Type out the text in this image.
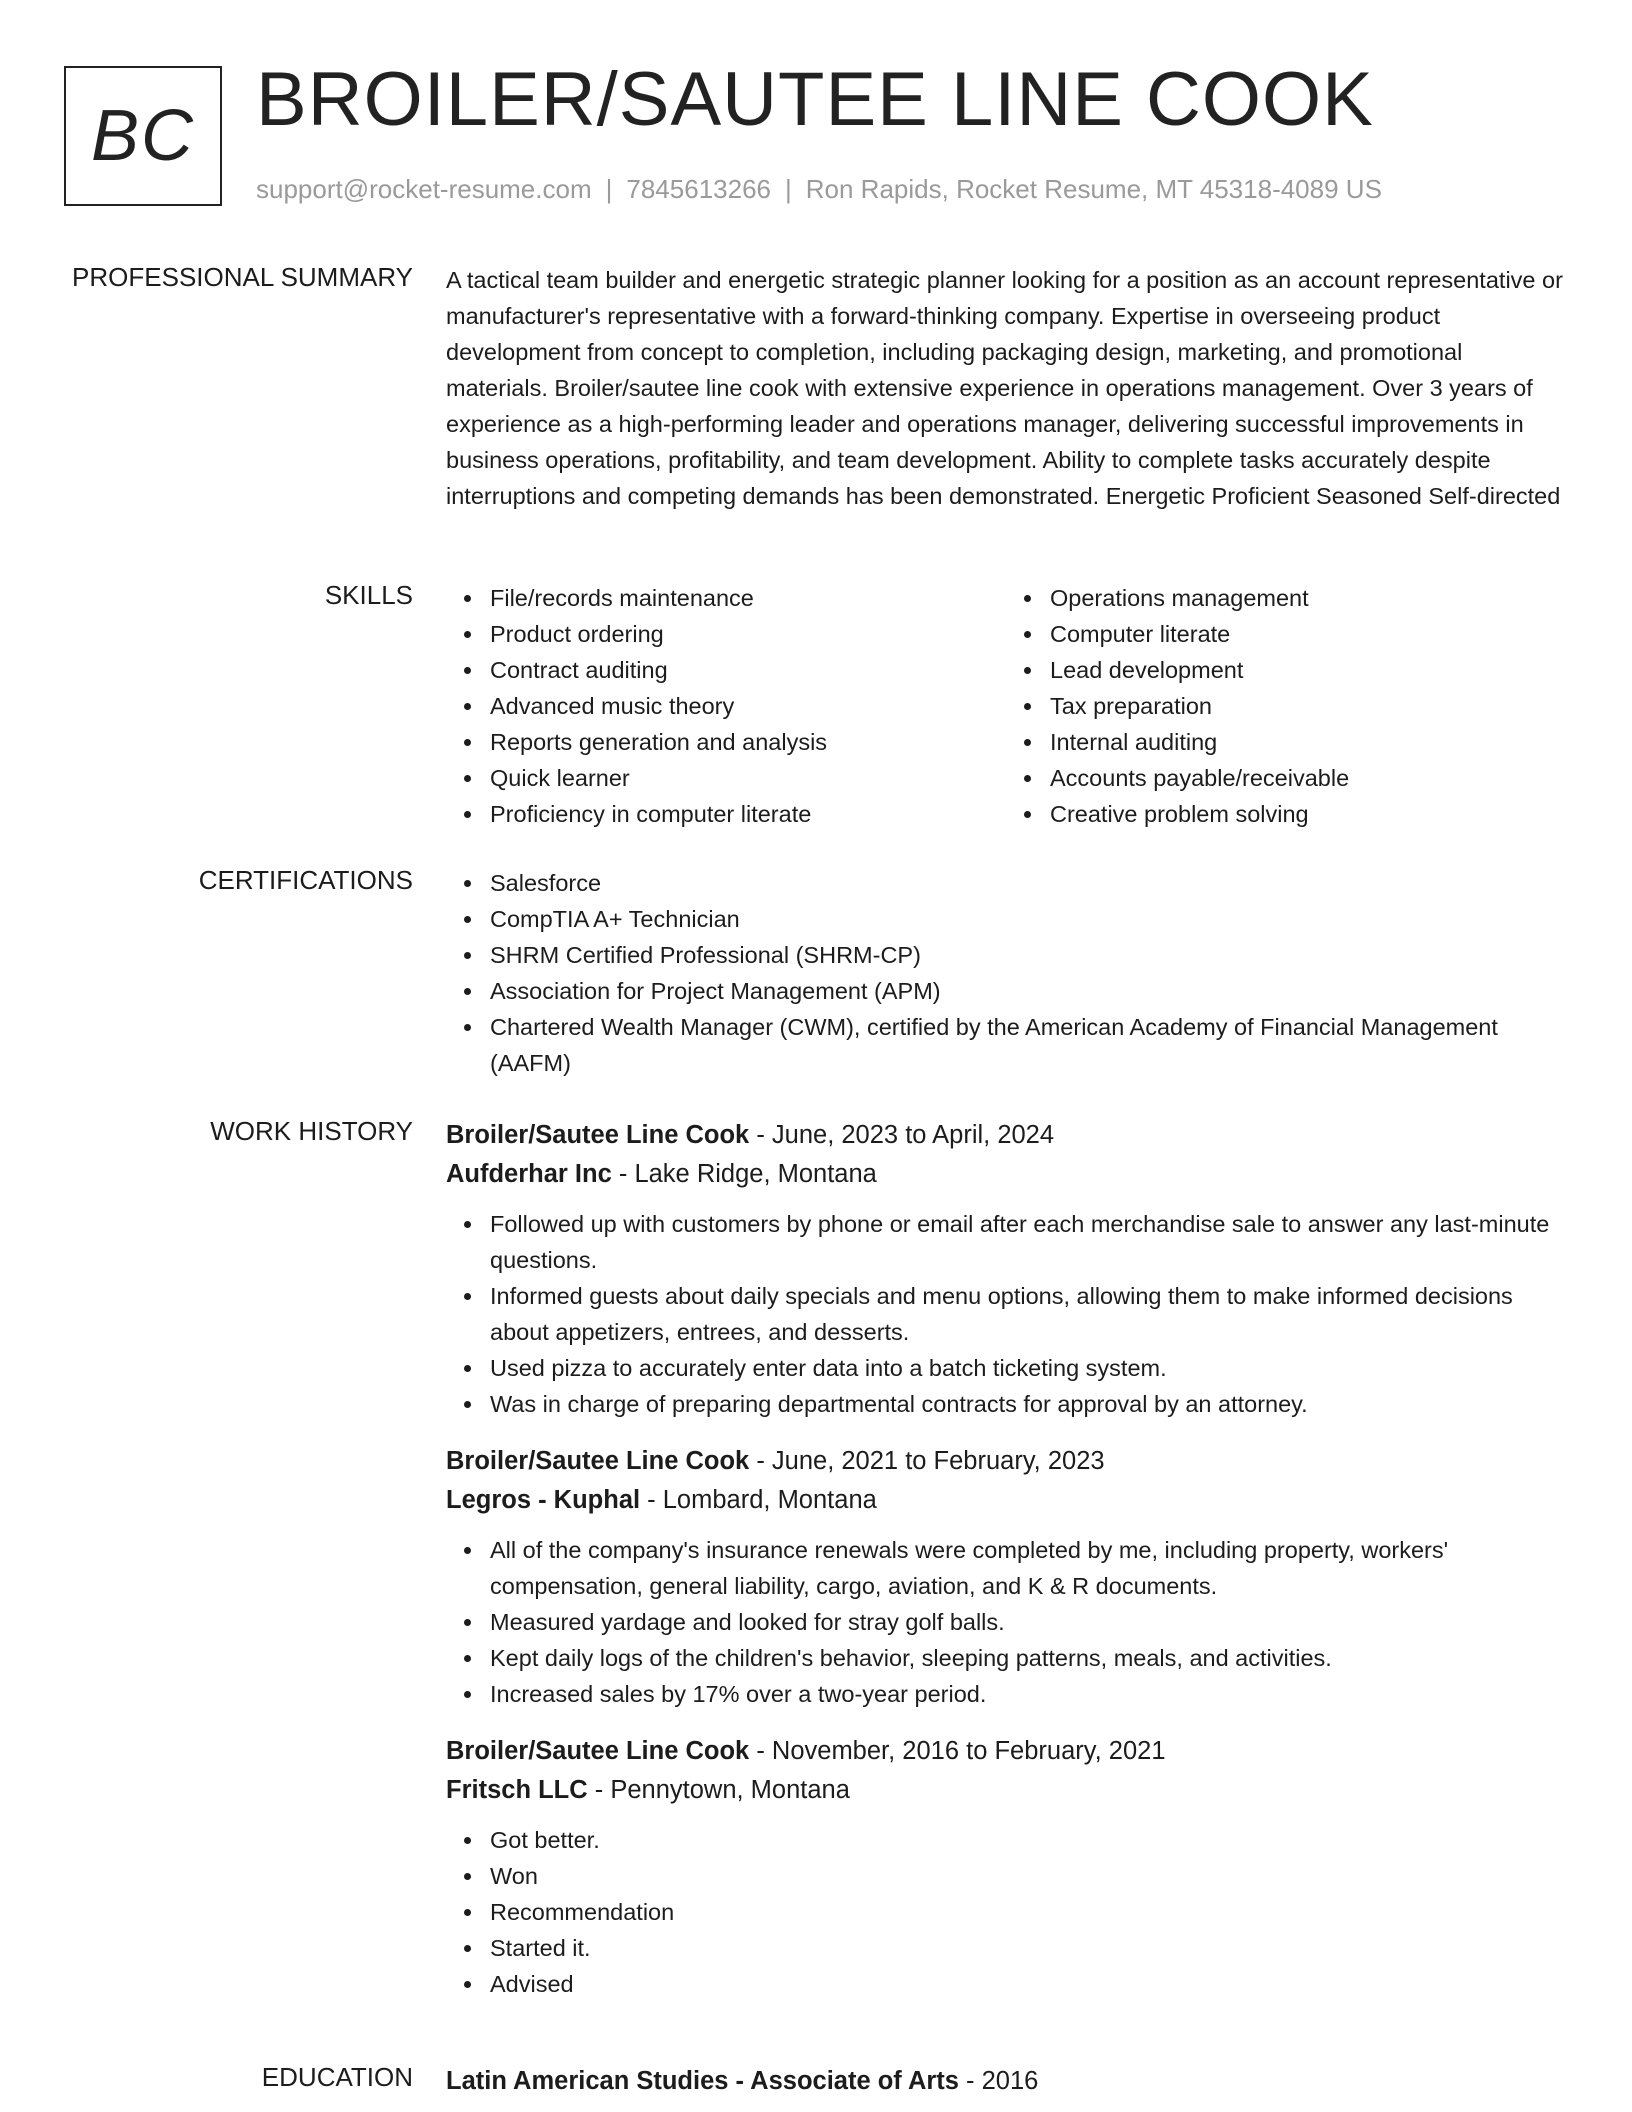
BC BROILER/SAUTEE LINE COOK
support@rocket-resume.com | 7845613266 | Ron Rapids, Rocket Resume, MT 45318-4089 US
PROFESSIONAL SUMMARY A tactical team builder and energetic strategic planner looking for a position as an account representative or manufacturer's representative with a forward-thinking company. Expertise in overseeing product development from concept to completion, including packaging design, marketing, and promotional materials. Broiler/sautee line cook with extensive experience in operations management. Over 3 years of experience as a high-performing leader and operations manager, delivering successful improvements in business operations, profitability, and team development. Ability to complete tasks accurately despite interruptions and competing demands has been demonstrated. Energetic Proficient Seasoned Self-directed

SKILLS	File/records maintenance
Product ordering
Contract auditing
Advanced music theory
Reports generation and analysis
Quick learner
Proficiency in computer literate
Operations management
Computer literate
Lead development
Tax preparation
Internal auditing
Accounts payable/receivable
Creative problem solving
CERTIFICATIONS	Salesforce
CompTIA A+ Technician
SHRM Certified Professional (SHRM-CP)
Association for Project Management (APM)
Chartered Wealth Manager (CWM), certified by the American Academy of Financial Management (AAFM)
WORK HISTORY Broiler/Sautee Line Cook - June, 2023 to April, 2024
Aufderhar Inc - Lake Ridge, Montana
Followed up with customers by phone or email after each merchandise sale to answer any last-minute questions.
Informed guests about daily specials and menu options, allowing them to make informed decisions about appetizers, entrees, and desserts.
Used pizza to accurately enter data into a batch ticketing system.
Was in charge of preparing departmental contracts for approval by an attorney.
Broiler/Sautee Line Cook - June, 2021 to February, 2023
Legros - Kuphal - Lombard, Montana
All of the company's insurance renewals were completed by me, including property, workers' compensation, general liability, cargo, aviation, and K & R documents.
Measured yardage and looked for stray golf balls.
Kept daily logs of the children's behavior, sleeping patterns, meals, and activities.
Increased sales by 17% over a two-year period.
Broiler/Sautee Line Cook - November, 2016 to February, 2021
Fritsch LLC - Pennytown, Montana
Got better.
Won
Recommendation
Started it.
Advised
EDUCATION Latin American Studies - Associate of Arts - 2016
